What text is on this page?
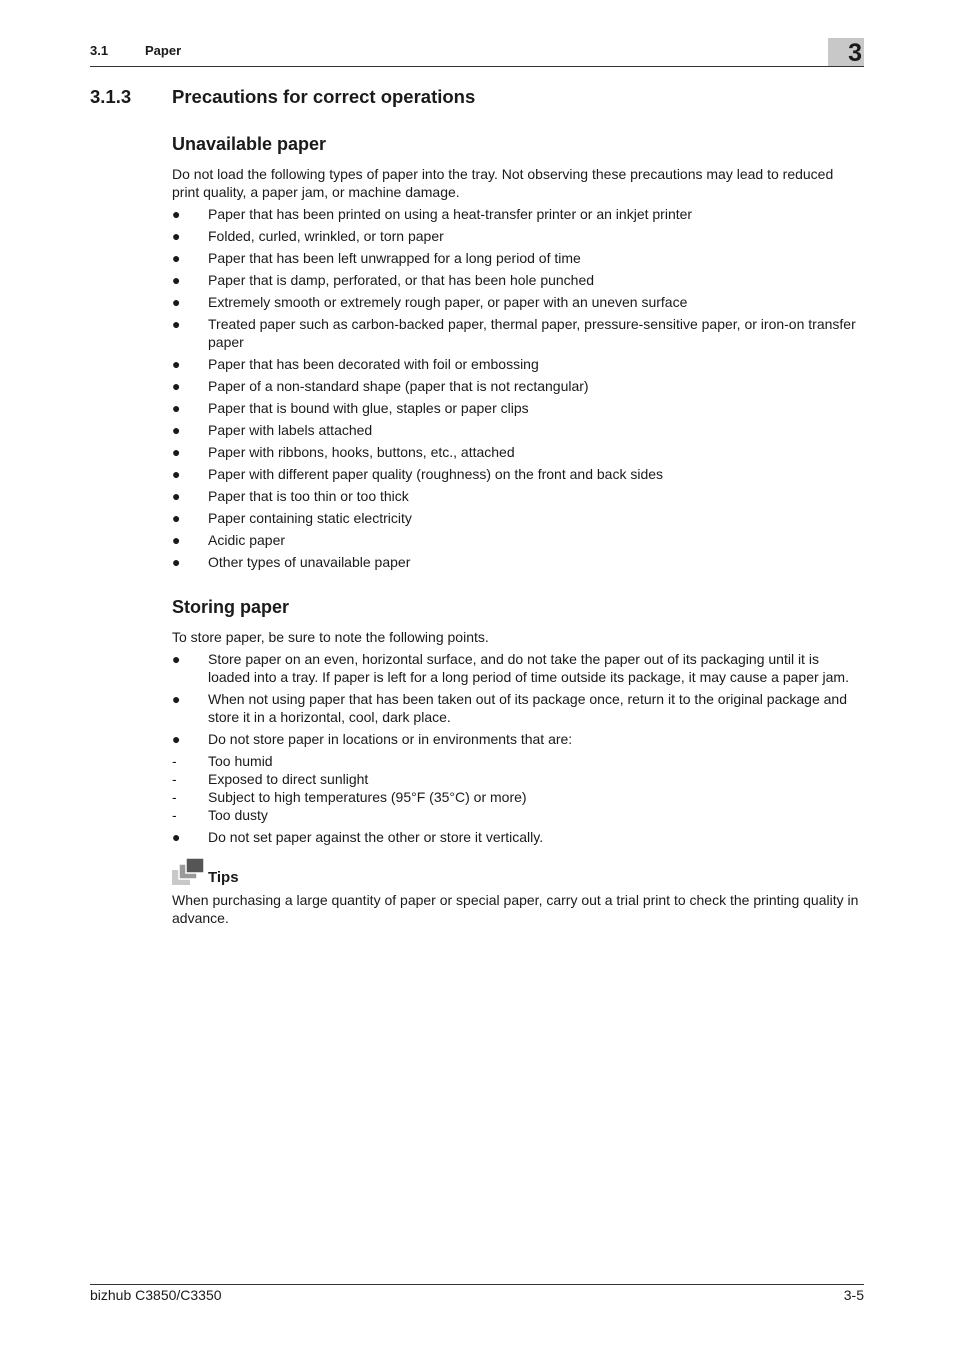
3.1	Paper	3
3.1.3 Precautions for correct operations
Unavailable paper

Do not load the following types of paper into the tray. Not observing these precautions may lead to reduced print quality, a paper jam, or machine damage.

● Paper that has been printed on using a heat-transfer printer or an inkjet printer
● Folded, curled, wrinkled, or torn paper
● Paper that has been left unwrapped for a long period of time
● Paper that is damp, perforated, or that has been hole punched
● Extremely smooth or extremely rough paper, or paper with an uneven surface
● Treated paper such as carbon-backed paper, thermal paper, pressure-sensitive paper, or iron-on transfer paper
● Paper that has been decorated with foil or embossing
● Paper of a non-standard shape (paper that is not rectangular)
● Paper that is bound with glue, staples or paper clips
● Paper with labels attached
● Paper with ribbons, hooks, buttons, etc., attached
● Paper with different paper quality (roughness) on the front and back sides
● Paper that is too thin or too thick
● Paper containing static electricity
● Acidic paper
● Other types of unavailable paper
Storing paper

To store paper, be sure to note the following points.

● Store paper on an even, horizontal surface, and do not take the paper out of its packaging until it is loaded into a tray. If paper is left for a long period of time outside its package, it may cause a paper jam.
● When not using paper that has been taken out of its package once, return it to the original package and store it in a horizontal, cool, dark place.
● Do not store paper in locations or in environments that are:
- Too humid
- Exposed to direct sunlight
- Subject to high temperatures (95°F (35°C) or more)
- Too dusty
● Do not set paper against the other or store it vertically.
Tips

When purchasing a large quantity of paper or special paper, carry out a trial print to check the printing quality in advance.

bizhub C3850/C3350	3-5
